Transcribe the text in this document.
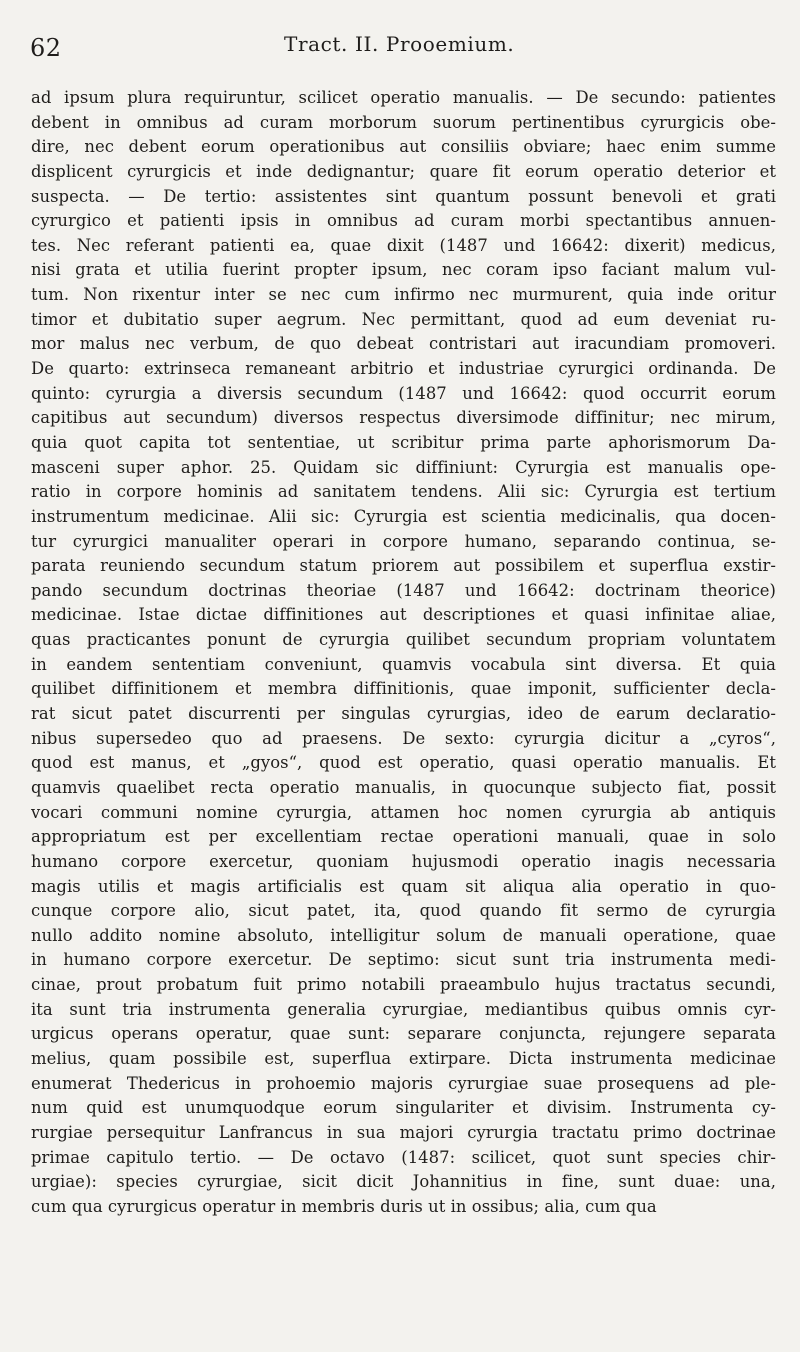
62	Tract. II. Prooemium.
ad ipsum plura requiruntur, scilicet operatio manualis. — De secundo: patientes
debent in omnibus ad curam morborum suorum pertinentibus cyrurgicis obe-
dire, nec debent eorum operationibus aut consiliis obviare; haec enim summe
displicent cyrurgicis et inde dedignantur; quare fit eorum operatio deterior et
suspecta. — De tertio: assistentes sint quantum possunt benevoli et grati
cyrurgico et patienti ipsis in omnibus ad curam morbi spectantibus annuen-
tes. Nec referant patienti ea, quae dixit (1487 und 16642: dixerit) medicus,
nisi grata et utilia fuerint propter ipsum, nec coram ipso faciant malum vul-
tum. Non rixentur inter se nec cum infirmo nec murmurent, quia inde oritur
timor et dubitatio super aegrum. Nec permittant, quod ad eum deveniat ru-
mor malus nec verbum, de quo debeat contristari aut iracundiam promoveri.
De quarto: extrinseca remaneant arbitrio et industriae cyrurgici ordinanda. De
quinto: cyrurgia a diversis secundum (1487 und 16642: quod occurrit eorum
capitibus aut secundum) diversos respectus diversimode diffinitur; nec mirum,
quia quot capita tot sententiae, ut scribitur prima parte aphorismorum Da-
masceni super aphor. 25. Quidam sic diffiniunt: Cyrurgia est manualis ope-
ratio in corpore hominis ad sanitatem tendens. Alii sic: Cyrurgia est tertium
instrumentum medicinae. Alii sic: Cyrurgia est scientia medicinalis, qua docen-
tur cyrurgici manualiter operari in corpore humano, separando continua, se-
parata reuniendo secundum statum priorem aut possibilem et superflua exstir-
pando secundum doctrinas theoriae (1487 und 16642: doctrinam theorice)
medicinae. Istae dictae diffinitiones aut descriptiones et quasi infinitae aliae,
quas practicantes ponunt de cyrurgia quilibet secundum propriam voluntatem
in eandem sententiam conveniunt, quamvis vocabula sint diversa. Et quia
quilibet diffinitionem et membra diffinitionis, quae imponit, sufficienter decla-
rat sicut patet discurrenti per singulas cyrurgias, ideo de earum declaratio-
nibus supersedeo quo ad praesens. De sexto: cyrurgia dicitur a „cyros“,
quod est manus, et „gyos“, quod est operatio, quasi operatio manualis. Et
quamvis quaelibet recta operatio manualis, in quocunque subjecto fiat, possit
vocari communi nomine cyrurgia, attamen hoc nomen cyrurgia ab antiquis
appropriatum est per excellentiam rectae operationi manuali, quae in solo
humano corpore exercetur, quoniam hujusmodi operatio inagis necessaria
magis utilis et magis artificialis est quam sit aliqua alia operatio in quo-
cunque corpore alio, sicut patet, ita, quod quando fit sermo de cyrurgia
nullo addito nomine absoluto, intelligitur solum de manuali operatione, quae
in humano corpore exercetur. De septimo: sicut sunt tria instrumenta medi-
cinae, prout probatum fuit primo notabili praeambulo hujus tractatus secundi,
ita sunt tria instrumenta generalia cyrurgiae, mediantibus quibus omnis cyr-
urgicus operans operatur, quae sunt: separare conjuncta, rejungere separata
melius, quam possibile est, superflua extirpare. Dicta instrumenta medicinae
enumerat Thedericus in prohoemio majoris cyrurgiae suae prosequens ad ple-
num quid est unumquodque eorum singulariter et divisim. Instrumenta cy-
rurgiae persequitur Lanfrancus in sua majori cyrurgia tractatu primo doctrinae
primae capitulo tertio. — De octavo (1487: scilicet, quot sunt species chir-
urgiae): species cyrurgiae, sicit dicit Johannitius in fine, sunt duae: una,
cum qua cyrurgicus operatur in membris duris ut in ossibus; alia, cum qua
